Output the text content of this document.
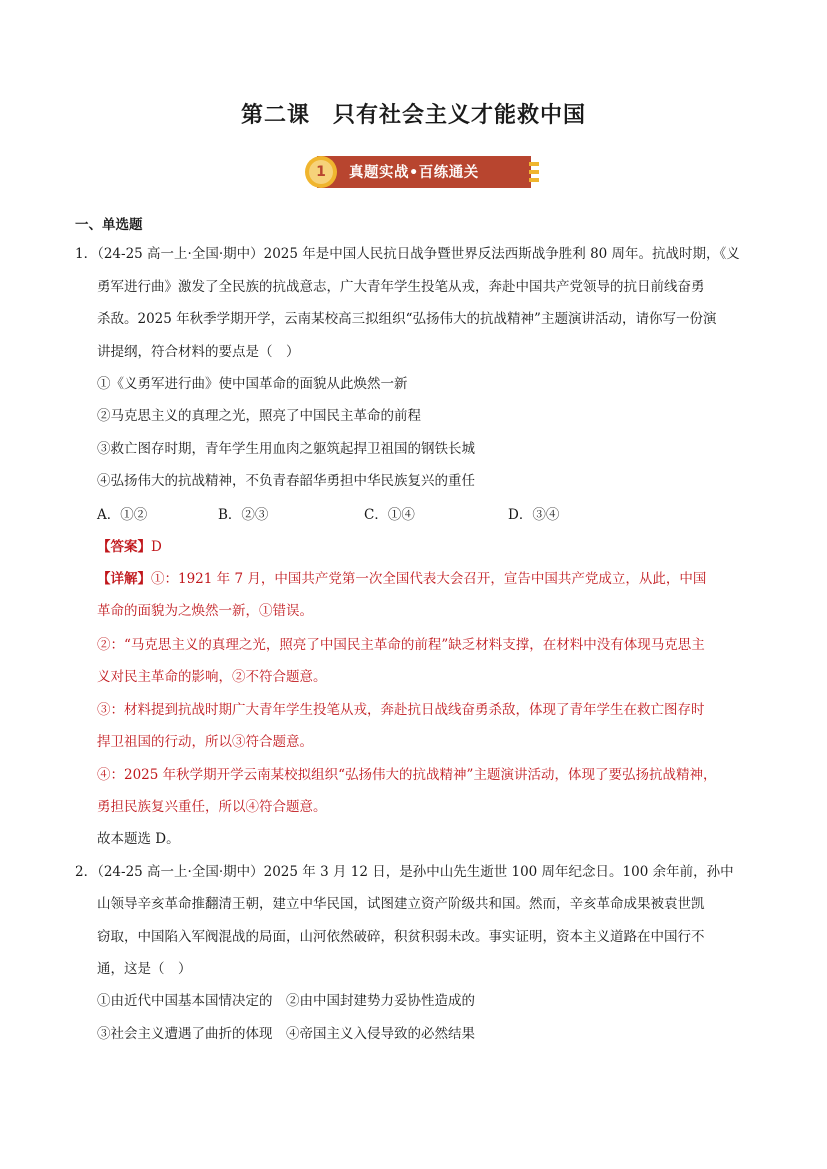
第二课　只有社会主义才能救中国
1	真题实战•百练通关
一、单选题
1．（24-25 高一上·全国·期中）2025 年是中国人民抗日战争暨世界反法西斯战争胜利 80 周年。抗战时期，《义
勇军进行曲》激发了全民族的抗战意志，广大青年学生投笔从戎，奔赴中国共产党领导的抗日前线奋勇
杀敌。2025 年秋季学期开学，云南某校高三拟组织“弘扬伟大的抗战精神”主题演讲活动，请你写一份演
讲提纲，符合材料的要点是（　）
①《义勇军进行曲》使中国革命的面貌从此焕然一新
②马克思主义的真理之光，照亮了中国民主革命的前程
③救亡图存时期，青年学生用血肉之躯筑起捍卫祖国的钢铁长城
④弘扬伟大的抗战精神，不负青春韶华勇担中华民族复兴的重任
A．①②	B．②③	C．①④	D．③④
【答案】D
【详解】①：1921 年 7 月，中国共产党第一次全国代表大会召开，宣告中国共产党成立，从此，中国
革命的面貌为之焕然一新，①错误。
②：“马克思主义的真理之光，照亮了中国民主革命的前程”缺乏材料支撑，在材料中没有体现马克思主
义对民主革命的影响，②不符合题意。
③：材料提到抗战时期广大青年学生投笔从戎，奔赴抗日战线奋勇杀敌，体现了青年学生在救亡图存时
捍卫祖国的行动，所以③符合题意。
④：2025 年秋学期开学云南某校拟组织“弘扬伟大的抗战精神”主题演讲活动，体现了要弘扬抗战精神，
勇担民族复兴重任，所以④符合题意。
故本题选 D。
2．（24-25 高一上·全国·期中）2025 年 3 月 12 日，是孙中山先生逝世 100 周年纪念日。100 余年前，孙中
山领导辛亥革命推翻清王朝，建立中华民国，试图建立资产阶级共和国。然而，辛亥革命成果被袁世凯
窃取，中国陷入军阀混战的局面，山河依然破碎，积贫积弱未改。事实证明，资本主义道路在中国行不
通，这是（　）
①由近代中国基本国情决定的　②由中国封建势力妥协性造成的
③社会主义遭遇了曲折的体现　④帝国主义入侵导致的必然结果
